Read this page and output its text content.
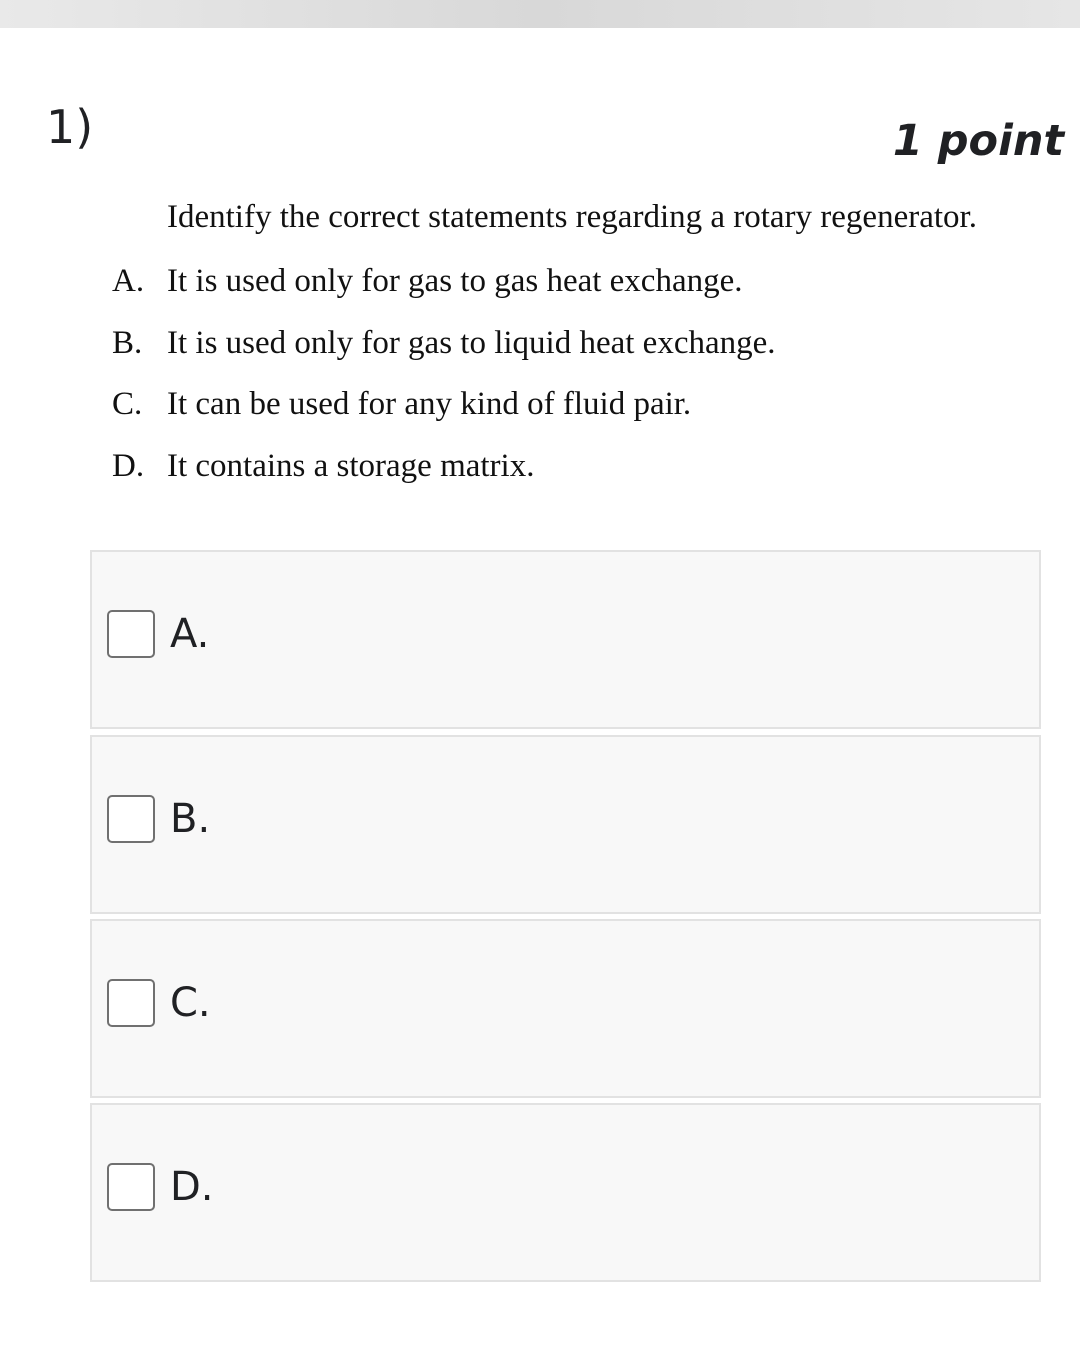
1)	1 point
Identify the correct statements regarding a rotary regenerator.
A. It is used only for gas to gas heat exchange.
B. It is used only for gas to liquid heat exchange.
C. It can be used for any kind of fluid pair.
D. It contains a storage matrix.
A.
B.
C.
D.
